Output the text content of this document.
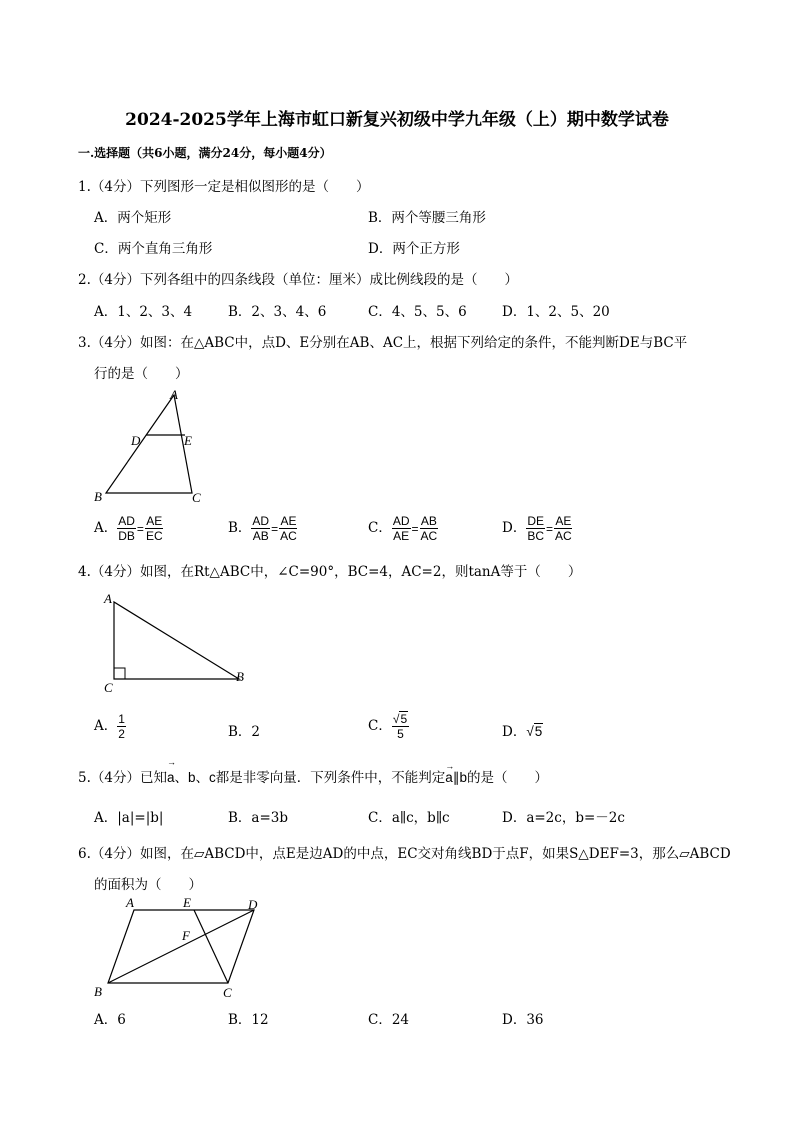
2024-2025学年上海市虹口新复兴初级中学九年级（上）期中数学试卷
一.选择题（共6小题，满分24分，每小题4分）
1.（4分）下列图形一定是相似图形的是（　　）
A．两个矩形	B．两个等腰三角形
C．两个直角三角形	D．两个正方形
2.（4分）下列各组中的四条线段（单位：厘米）成比例线段的是（　　）
A．1、2、3、4	B．2、3、4、6	C．4、5、5、6	D．1、2、5、20
3.（4分）如图：在△ABC中，点D、E分别在AB、AC上，根据下列给定的条件，不能判断DE与BC平
行的是（　　）
A
D	E
B	C
A． $\frac{AD}{DB} = \frac{AE}{EC}$	B． $\frac{AD}{AB} = \frac{AE}{AC}$	C． $\frac{AD}{AE} = \frac{AB}{AC}$	D． $\frac{DE}{BC} = \frac{AE}{AC}$
4.（4分）如图，在Rt△ABC中，∠C=90°，BC=4，AC=2，则tanA等于（　　）
A
C
B
A． $\frac{1}{2}$	B．2	C． $\frac{√5}{5}$	D．√5
5.（4分）已知→ a、b、c都是非零向量．下列条件中，不能判定→ a∥b的是（　　）
A．|a|=|b|	B．a=3b	C．a∥c，b∥c	D．a=2c，b=－2c
6.（4分）如图，在▱ABCD中，点E是边AD的中点，EC交对角线BD于点F，如果S△DEF=3，那么▱ABCD
的面积为（　　）
A	E	D
F
B	C
A．6	B．12	C．24	D．36
